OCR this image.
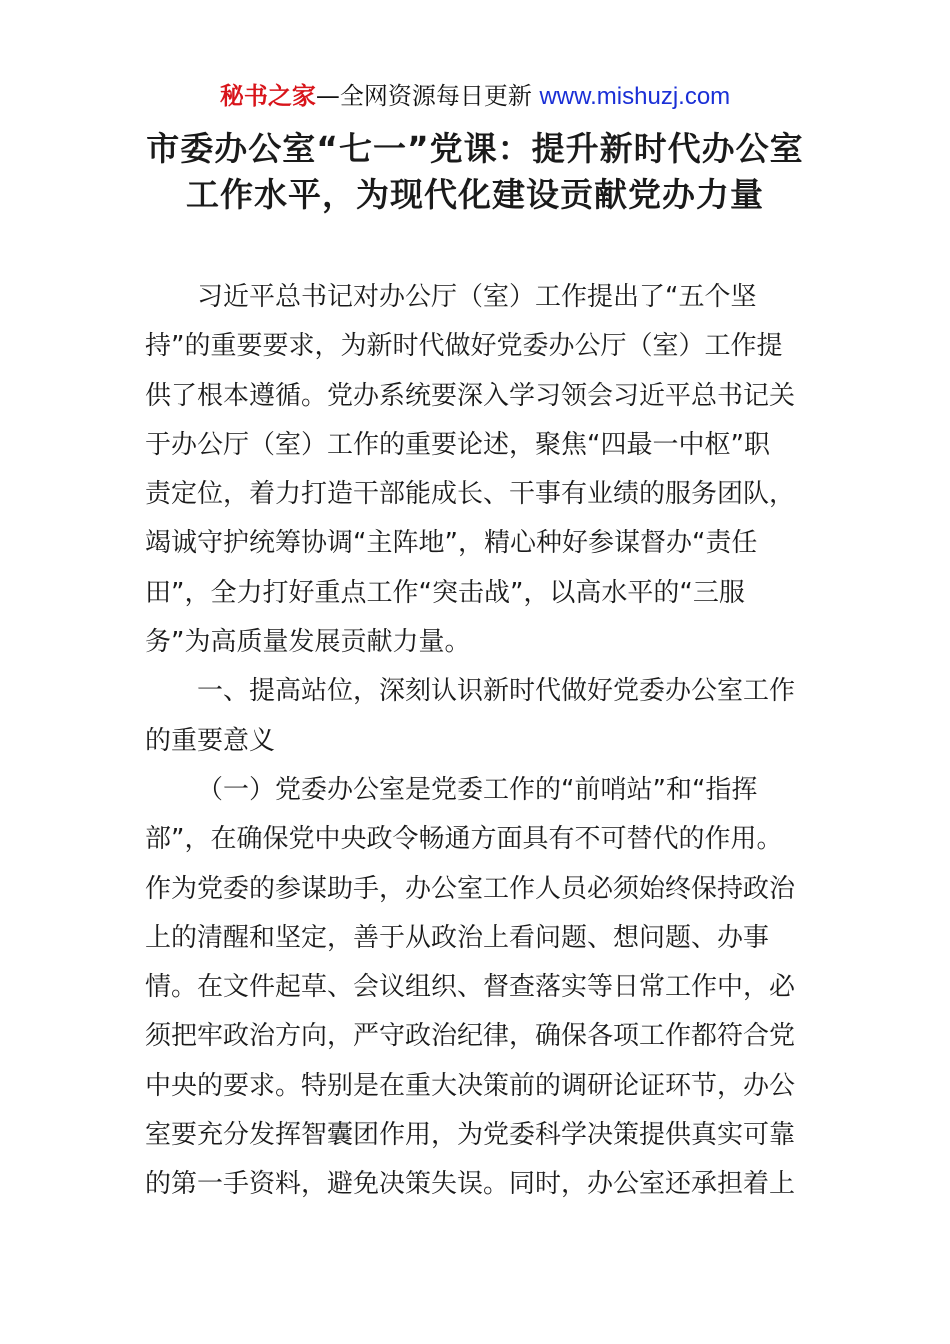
秘书之家—全网资源每日更新 www.mishuzj.com
市委办公室“七一”党课：提升新时代办公室
工作水平，为现代化建设贡献党办力量
习近平总书记对办公厅（室）工作提出了“五个坚
持”的重要要求，为新时代做好党委办公厅（室）工作提
供了根本遵循。党办系统要深入学习领会习近平总书记关
于办公厅（室）工作的重要论述，聚焦“四最一中枢”职
责定位，着力打造干部能成长、干事有业绩的服务团队，
竭诚守护统筹协调“主阵地”，精心种好参谋督办“责任
田”，全力打好重点工作“突击战”，以高水平的“三服
务”为高质量发展贡献力量。
一、提高站位，深刻认识新时代做好党委办公室工作
的重要意义
（一）党委办公室是党委工作的“前哨站”和“指挥
部”，在确保党中央政令畅通方面具有不可替代的作用。
作为党委的参谋助手，办公室工作人员必须始终保持政治
上的清醒和坚定，善于从政治上看问题、想问题、办事
情。在文件起草、会议组织、督查落实等日常工作中，必
须把牢政治方向，严守政治纪律，确保各项工作都符合党
中央的要求。特别是在重大决策前的调研论证环节，办公
室要充分发挥智囊团作用，为党委科学决策提供真实可靠
的第一手资料，避免决策失误。同时，办公室还承担着上
